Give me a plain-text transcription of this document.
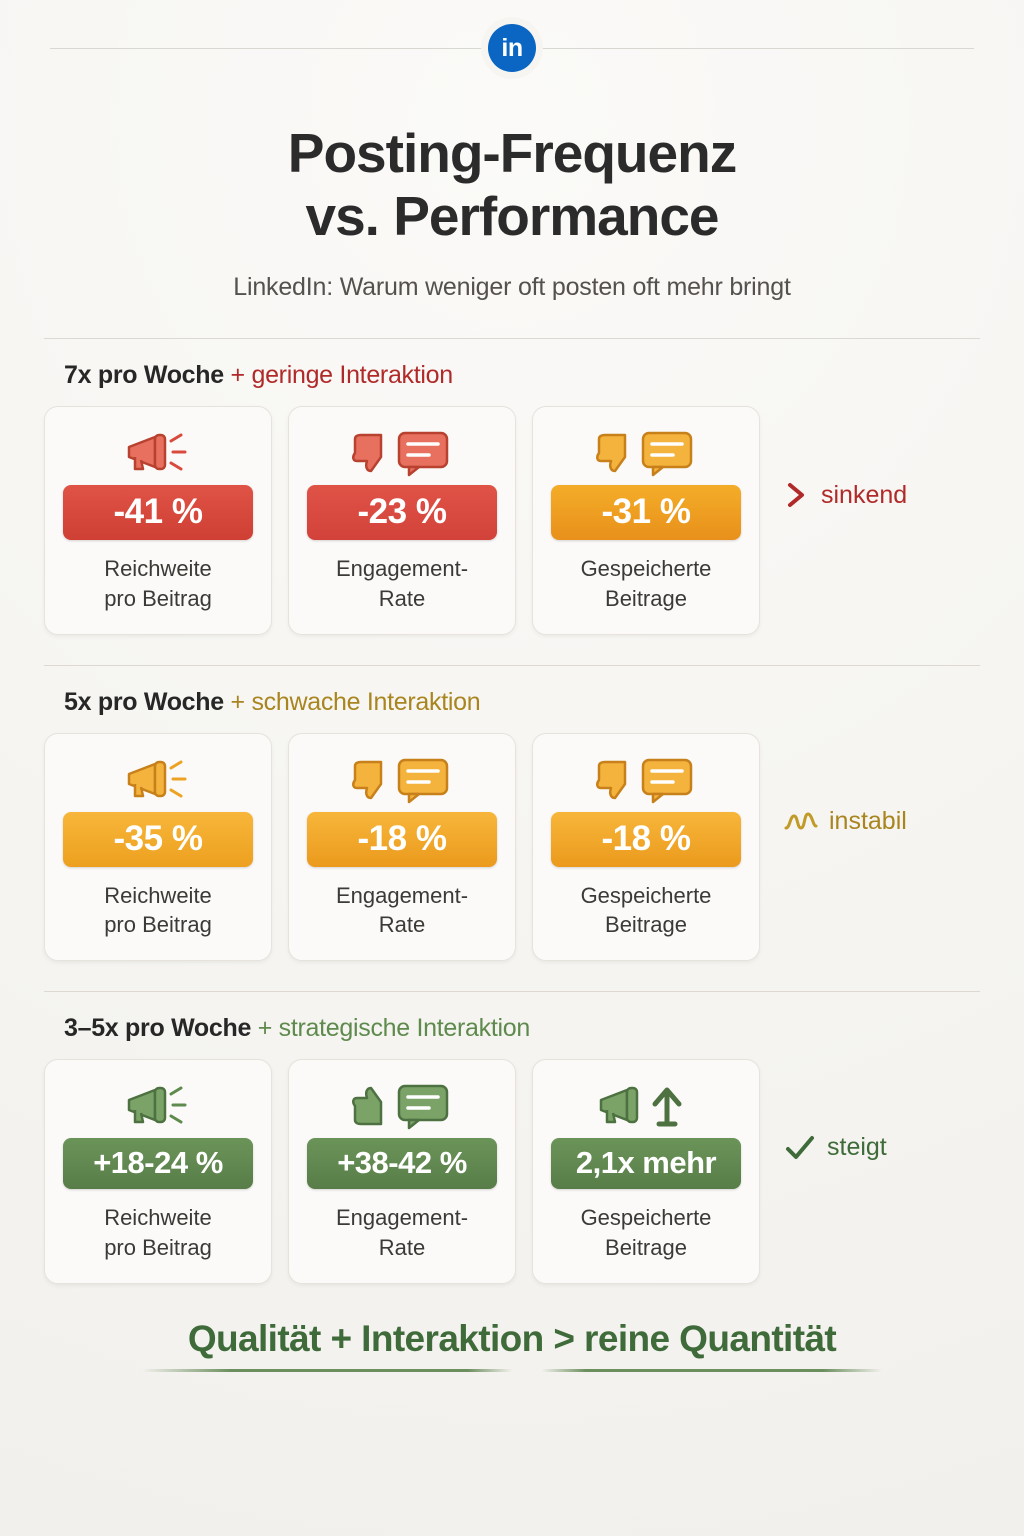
in
Posting-Frequenz
vs. Performance
LinkedIn: Warum weniger oft posten oft mehr bringt
7x pro Woche + geringe Interaktion
-41 %
Reichweite
pro Beitrag
-23 %
Engagement-
Rate
-31 %
Gespeicherte
Beitrage
sinkend
5x pro Woche + schwache Interaktion
-35 %
Reichweite
pro Beitrag
-18 %
Engagement-
Rate
-18 %
Gespeicherte
Beitrage
instabil
3–5x pro Woche + strategische Interaktion
+18-24 %
Reichweite
pro Beitrag
+38-42 %
Engagement-
Rate
2,1x mehr
Gespeicherte
Beitrage
steigt
Qualität + Interaktion > reine Quantität
